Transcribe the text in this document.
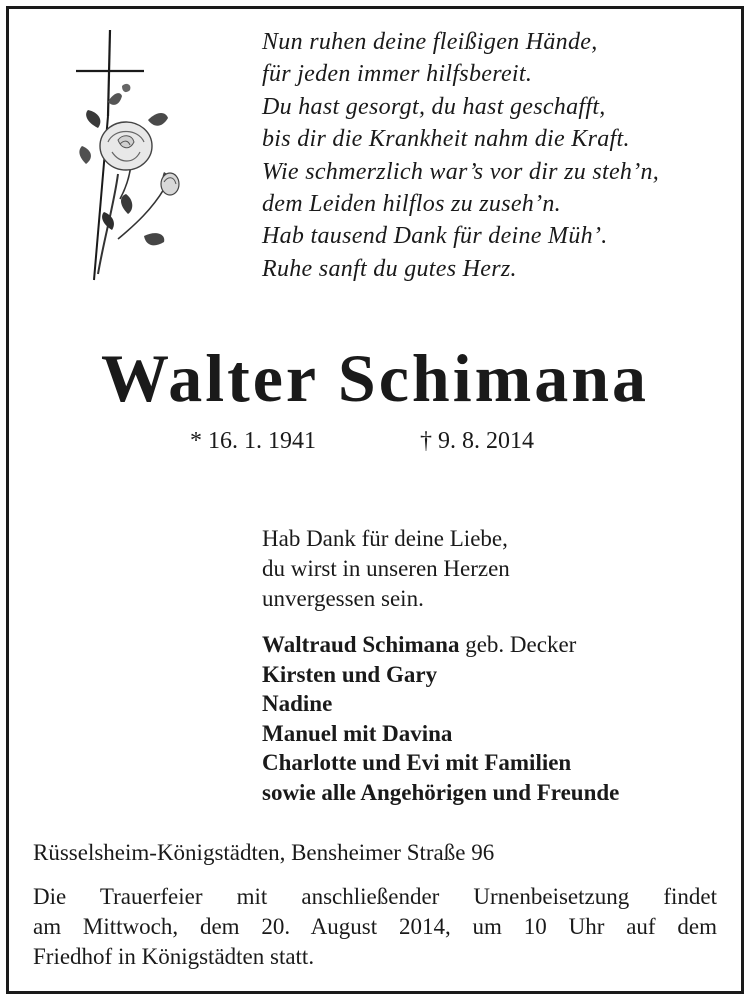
Nun ruhen deine fleißigen Hände,
für jeden immer hilfsbereit.
Du hast gesorgt, du hast geschafft,
bis dir die Krankheit nahm die Kraft.
Wie schmerzlich war’s vor dir zu steh’n,
dem Leiden hilflos zu zuseh’n.
Hab tausend Dank für deine Müh’.
Ruhe sanft du gutes Herz.
Walter Schimana
* 16. 1. 1941	† 9. 8. 2014
Hab Dank für deine Liebe,
du wirst in unseren Herzen
unvergessen sein.
Waltraud Schimana geb. Decker
Kirsten und Gary
Nadine
Manuel mit Davina
Charlotte und Evi mit Familien
sowie alle Angehörigen und Freunde
Rüsselsheim-Königstädten, Bensheimer Straße 96
Die Trauerfeier mit anschließender Urnenbeisetzung findet
am Mittwoch, dem 20. August 2014, um 10 Uhr auf dem
Friedhof in Königstädten statt.
